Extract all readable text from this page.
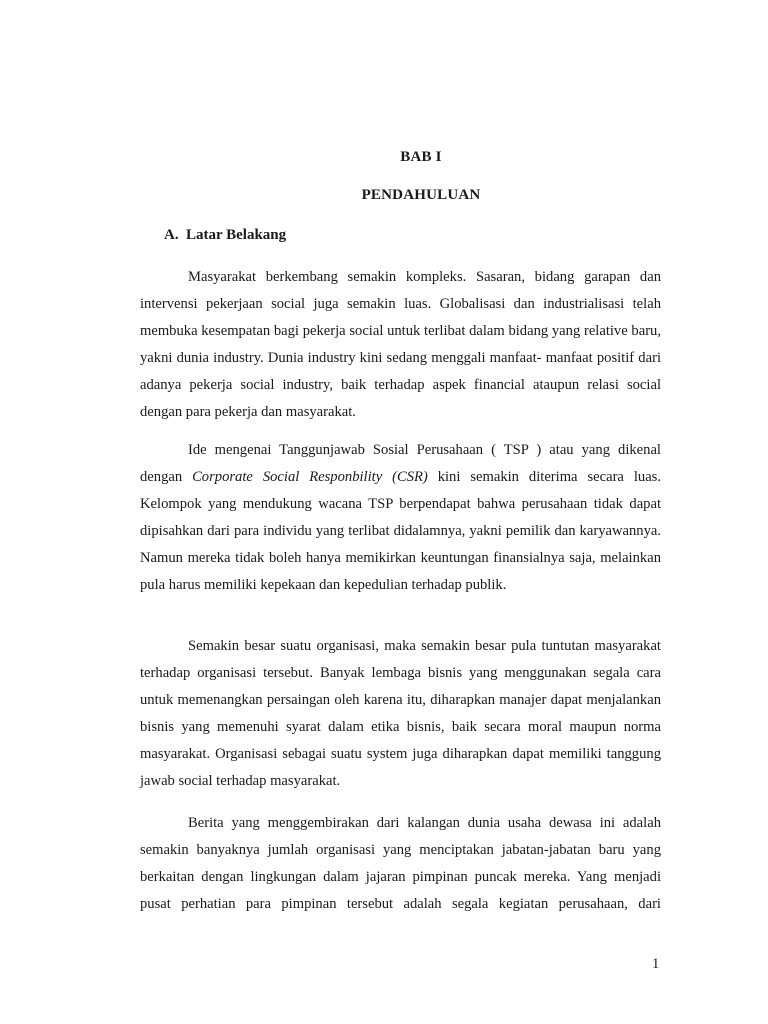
BAB I
PENDAHULUAN
A. Latar Belakang

Masyarakat berkembang semakin kompleks. Sasaran, bidang garapan dan intervensi pekerjaan social juga semakin luas. Globalisasi dan industrialisasi telah membuka kesempatan bagi pekerja social untuk terlibat dalam bidang yang relative baru, yakni dunia industry. Dunia industry kini sedang menggali manfaat- manfaat positif dari adanya pekerja social industry, baik terhadap aspek financial ataupun relasi social dengan para pekerja dan masyarakat.

Ide mengenai Tanggunjawab Sosial Perusahaan ( TSP ) atau yang dikenal dengan Corporate Social Responbility (CSR) kini semakin diterima secara luas. Kelompok yang mendukung wacana TSP berpendapat bahwa perusahaan tidak dapat dipisahkan dari para individu yang terlibat didalamnya, yakni pemilik dan karyawannya. Namun mereka tidak boleh hanya memikirkan keuntungan finansialnya saja, melainkan pula harus memiliki kepekaan dan kepedulian terhadap publik.

Semakin besar suatu organisasi, maka semakin besar pula tuntutan masyarakat terhadap organisasi tersebut. Banyak lembaga bisnis yang menggunakan segala cara untuk memenangkan persaingan oleh karena itu, diharapkan manajer dapat menjalankan bisnis yang memenuhi syarat dalam etika bisnis, baik secara moral maupun norma masyarakat. Organisasi sebagai suatu system juga diharapkan dapat memiliki tanggung jawab social terhadap masyarakat.

Berita yang menggembirakan dari kalangan dunia usaha dewasa ini adalah semakin banyaknya jumlah organisasi yang menciptakan jabatan-jabatan baru yang berkaitan dengan lingkungan dalam jajaran pimpinan puncak mereka. Yang menjadi pusat perhatian para pimpinan tersebut adalah segala kegiatan perusahaan, dari

1
